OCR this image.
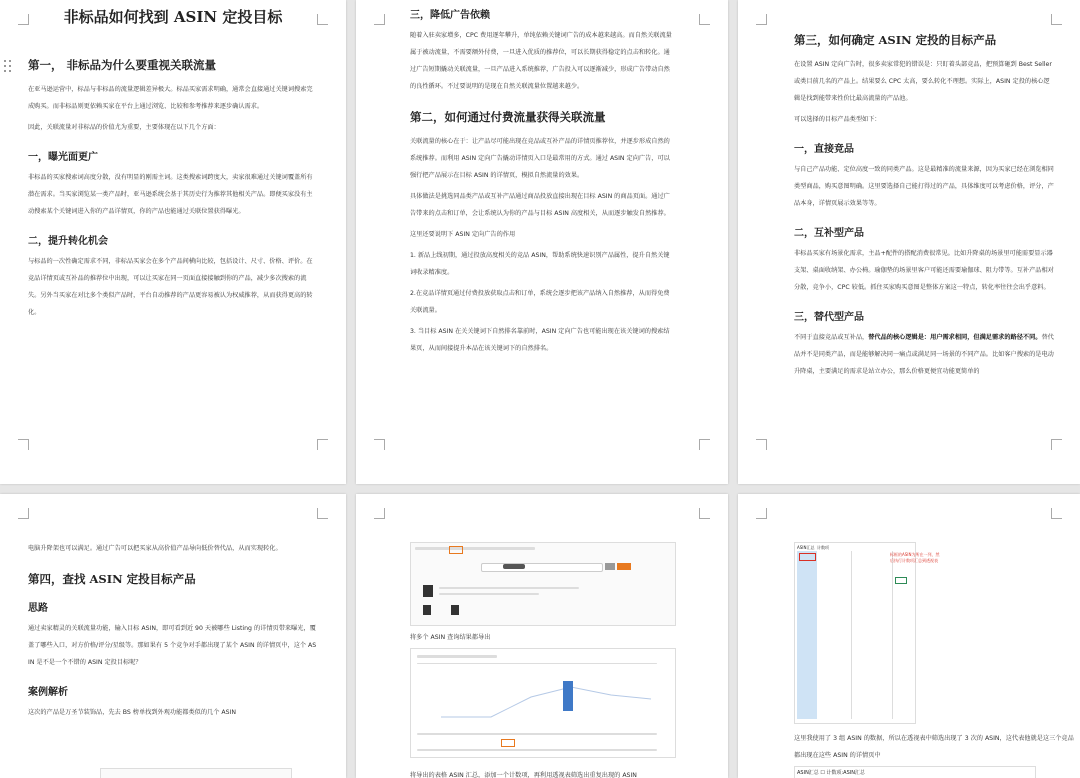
非标品如何找到 ASIN 定投目标
第一， 非标品为什么要重视关联流量

在亚马逊运营中，标品与非标品的流量逻辑差异极大。标品买家需求明确，通常会直接通过关键词搜索完成购买。而非标品则更依赖买家在平台上通过浏览、比较和参考推荐来逐步确认需求。

因此，关联流量对非标品的价值尤为重要，主要体现在以下几个方面：

一，曝光面更广

非标品的买家搜索词高度分散，没有明显的刚需主词。这类搜索词跨度大，卖家很难通过关键词覆盖所有潜在需求。当买家浏览某一类产品时，亚马逊系统会基于其历史行为推荐其他相关产品。即便买家没有主动搜索某个关键词进入你的产品详情页，你的产品也能通过关联位置获得曝光。

二，提升转化机会

与标品的一次性确定需求不同，非标品买家会在多个产品间横向比较，包括设计、尺寸、价格、评价。在竞品详情页或互补品的推荐位中出现，可以让买家在同一页面直接接触到你的产品，减少多次搜索的流失。另外当买家在对比多个类似产品时，平台自动推荐的产品更容易被认为权威推荐，从而获得更高的转化。

三，降低广告依赖

随着入驻卖家增多，CPC 费用逐年攀升，单纯依赖关键词广告的成本越来越高。而自然关联流量属于被动流量，不需要额外付费，一旦进入优质的推荐位，可以长期获得稳定的点击和转化。通过广告短期撬动关联流量，一旦产品进入系统推荐，广告投入可以逐渐减少，形成广告带动自然的良性循环。不过要说明的是现在自然关联流量位置越来越少。

第二，如何通过付费流量获得关联流量

关联流量的核心在于：让产品尽可能出现在竞品或互补产品的详情页推荐位，并逐步形成自然的系统推荐。而利用 ASIN 定向广告撬动详情页入口是最常用的方式。通过 ASIN 定向广告，可以强行把产品展示在目标 ASIN 的详情页，模拟自然流量的效果。

具体做法是挑选同品类产品或互补产品通过商品投放直接出现在目标 ASIN 的商品页面。通过广告带来的点击和订单，会让系统认为你的产品与目标 ASIN 高度相关，从而逐步触发自然推荐。

这里还要说明下 ASIN 定向广告的作用

1. 新品上线初期，通过投放高度相关的竞品 ASIN，帮助系统快速识别产品属性，提升自然关键词收录精准度。

2.在竞品详情页通过付费投放获取点击和订单，系统会逐步把该产品纳入自然推荐，从而得免费关联流量。

3. 当目标 ASIN 在关关键词下自然排名靠前时，ASIN 定向广告也可能出现在该关键词的搜索结果页，从而间接提升本品在该关键词下的自然排名。

第三，如何确定 ASIN 定投的目标产品

在设置 ASIN 定向广告时，很多卖家常犯的错误是：只盯着头部竞品，把预算砸到 Best Seller 或类目前几名的产品上。结果要么 CPC 太高，要么转化不理想。实际上，ASIN 定投的核心逻辑是找到能带来性价比最高流量的产品池。

可以选择的目标产品类型如下：

一，直接竞品

与自己产品功能、定位高度一致的同类产品。这是最精准的流量来源，因为买家已经在浏览相同类型商品，购买意图明确。这里要选择自己能打得过的产品，具体维度可以考虑价格，评分，产品本身，详情页展示效果等等。

二，互补型产品

非标品买家有场景化需求，主品+配件的搭配消费很常见。比如升降桌的场景里可能需要显示器支架、桌面收纳架、办公椅。瑜伽垫的场景里客户可能还需要瑜伽球、阻力带等。互补产品相对分散，竞争小，CPC 较低。抓住买家购买意图是整体方案这一特点，转化率往往会出乎意料。

三，替代型产品

不同于直接竞品或互补品，替代品的核心逻辑是：用户需求相同，但满足需求的路径不同。替代品并不是同类产品，而是能够解决同一痛点或满足同一场景的不同产品。比如客户搜索的是电动升降桌，主要满足的需求是站立办公，那么价格更便宜功能更简单的

电脑升降架也可以满足。通过广告可以把买家从高价值产品导向低价替代品，从而实现转化。

第四，查找 ASIN 定投目标产品
思路

通过卖家精灵的关联流量功能，输入目标 ASIN，即可看到近 90 天被哪些 Listing 的详情页带来曝光，覆盖了哪些入口，对方价格/评分/星级等。那如果有 5 个竞争对手都出现了某个 ASIN 的详情页中，这个 ASIN 是不是一个不错的 ASIN 定投目标呢？

案例解析

这次的产品是万圣节装饰品，先去 BS 榜单找到外观功能都类似的几个 ASIN

将多个 ASIN 查询结果都导出
将导出的表格 ASIN 汇总，添加一个计数项，再利用透视表筛选出重复出现的 ASIN
ASIN汇总 计数项
标框的ASIN为所在一列，然后执行计数项汇总到透视表
这里我使用了 3 组 ASIN 的数据，所以在透视表中筛选出现了 3 次的 ASIN，这代表他就是这三个竞品都出现在这些 ASIN 的详情页中
ASIN汇总 ☐ 计数项:ASIN汇总
